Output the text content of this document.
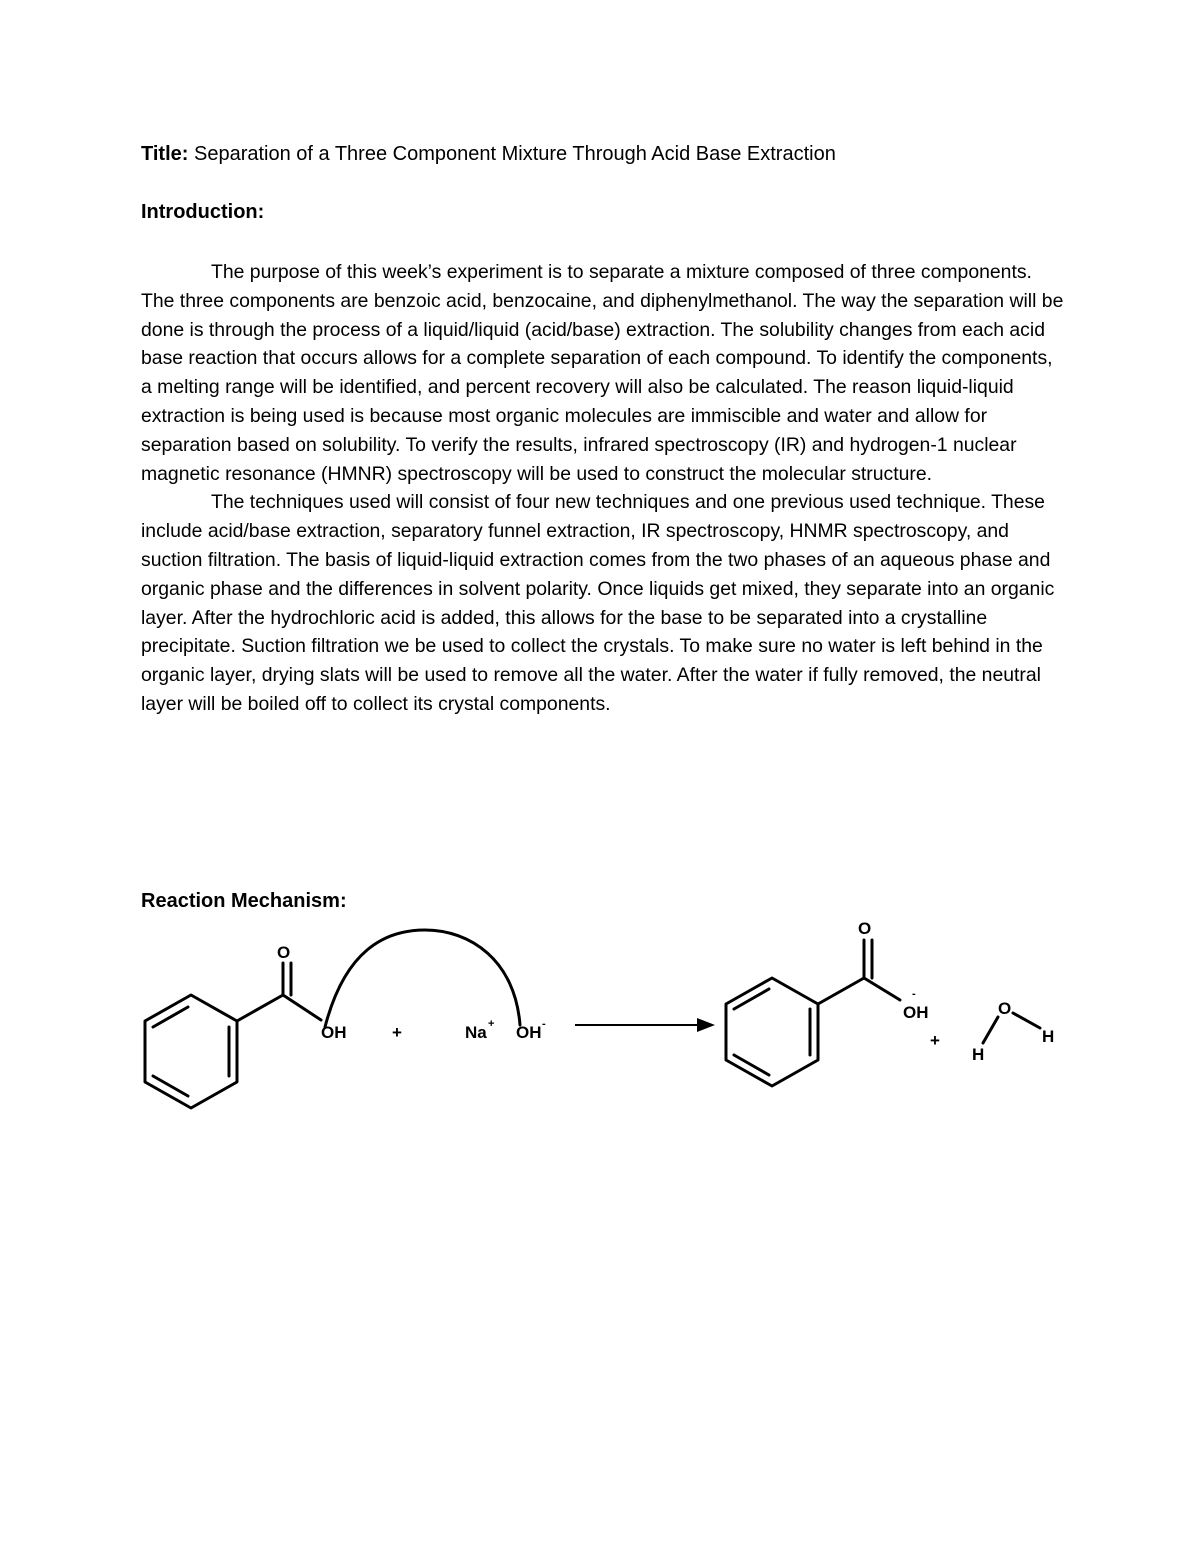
Title: Separation of a Three Component Mixture Through Acid Base Extraction
Introduction:

The purpose of this week’s experiment is to separate a mixture composed of three components. The three components are benzoic acid, benzocaine, and diphenylmethanol. The way the separation will be done is through the process of a liquid/liquid (acid/base) extraction. The solubility changes from each acid base reaction that occurs allows for a complete separation of each compound. To identify the components, a melting range will be identified, and percent recovery will also be calculated. The reason liquid-liquid extraction is being used is because most organic molecules are immiscible and water and allow for separation based on solubility. To verify the results, infrared spectroscopy (IR) and hydrogen-1 nuclear magnetic resonance (HMNR) spectroscopy will be used to construct the molecular structure.

The techniques used will consist of four new techniques and one previous used technique. These include acid/base extraction, separatory funnel extraction, IR spectroscopy, HNMR spectroscopy, and suction filtration. The basis of liquid-liquid extraction comes from the two phases of an aqueous phase and organic phase and the differences in solvent polarity. Once liquids get mixed, they separate into an organic layer. After the hydrochloric acid is added, this allows for the base to be separated into a crystalline precipitate. Suction filtration we be used to collect the crystals. To make sure no water is left behind in the organic layer, drying slats will be used to remove all the water. After the water if fully removed, the neutral layer will be boiled off to collect its crystal components.

Reaction Mechanism:
O
OH	+	Na + OH -
O
OH
-
+
O
H
H
